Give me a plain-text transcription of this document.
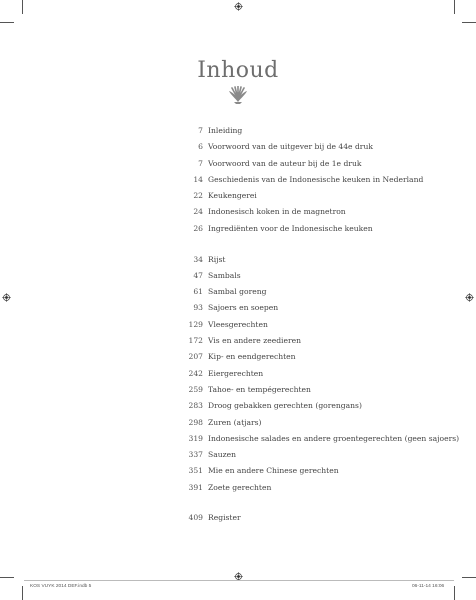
Inhoud
7 Inleiding
6 Voorwoord van de uitgever bij de 44e druk
7 Voorwoord van de auteur bij de 1e druk
14 Geschiedenis van de Indonesische keuken in Nederland
22 Keukengerei
24 Indonesisch koken in de magnetron
26 Ingrediënten voor de Indonesische keuken
34 Rijst
47 Sambals
61 Sambal goreng
93 Sajoers en soepen
129 Vleesgerechten
172 Vis en andere zeedieren
207 Kip- en eendgerechten
242 Eiergerechten
259 Tahoe- en tempégerechten
283 Droog gebakken gerechten (gorengans)
298 Zuren (atjars)
319 Indonesische salades en andere groentegerechten (geen sajoers)
337 Sauzen
351 Mie en andere Chinese gerechten
391 Zoete gerechten
409 Register
KOS VUYK 2014 DEF.indb 5	06-11-14 16:06
